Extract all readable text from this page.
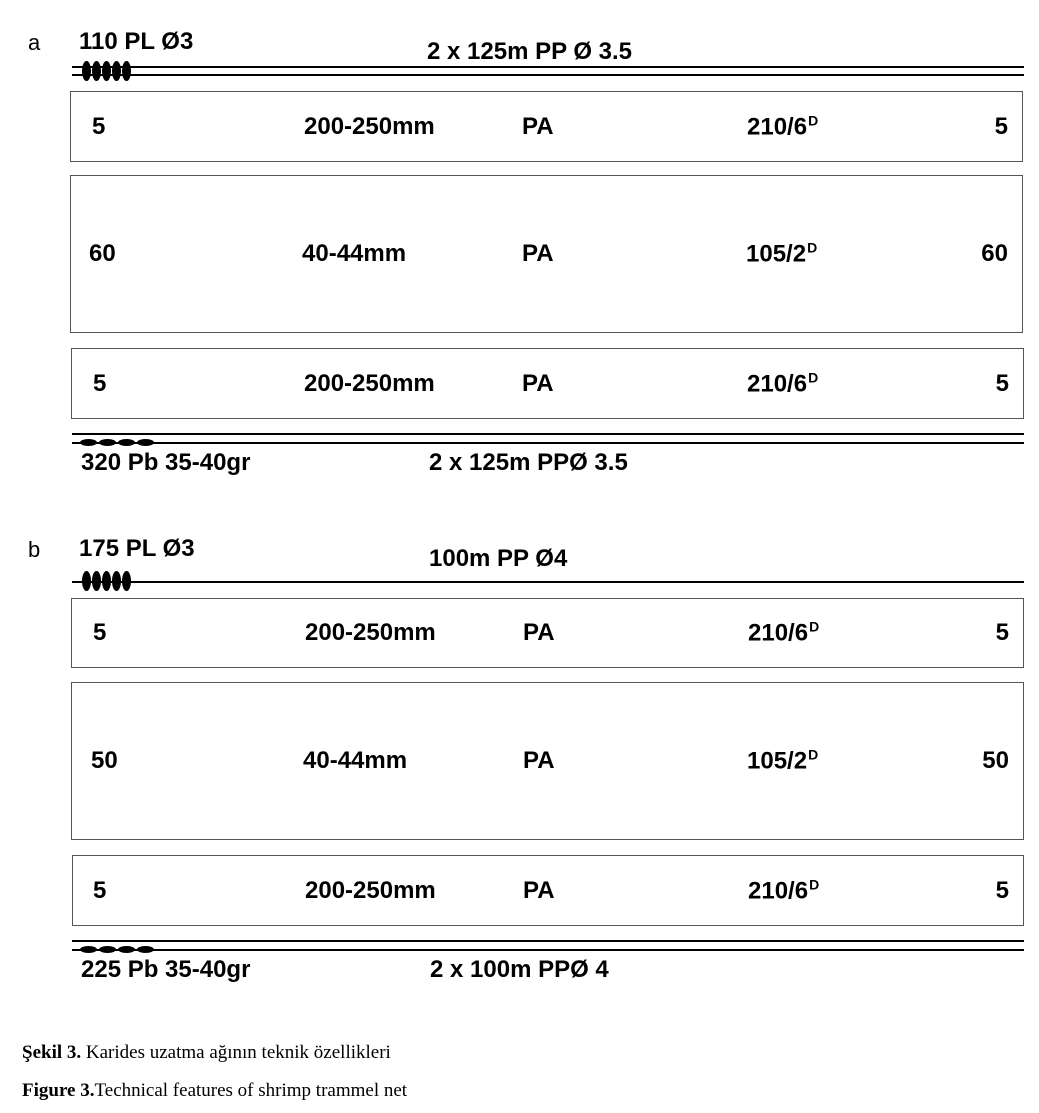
a 110 PL Ø3	2 x 125m PP Ø 3.5
5	200-250mm	PA	$210/6^D$	5
60	40-44mm	PA	$105/2^D$	60
5	200-250mm	PA	$210/6^D$	5
320 Pb 35-40gr	2 x 125m PPØ 3.5
b 175 PL Ø3	100m PP Ø4
5	200-250mm	PA	$210/6^D$	5
50	40-44mm	PA	$105/2^D$	50
5	200-250mm	PA	$210/6^D$	5
225 Pb 35-40gr	2 x 100m PPØ 4
Şekil 3. Karides uzatma ağının teknik özellikleri
Figure 3.Technical features of shrimp trammel net
